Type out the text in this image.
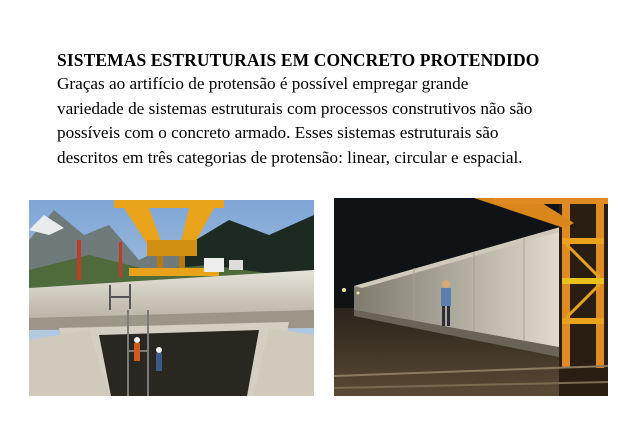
SISTEMAS ESTRUTURAIS EM CONCRETO PROTENDIDO
Graças ao artifício de protensão é possível empregar grande
variedade de sistemas estruturais com processos construtivos não são
possíveis com o concreto armado. Esses sistemas estruturais são
descritos em três categorias de protensão: linear, circular e espacial.
